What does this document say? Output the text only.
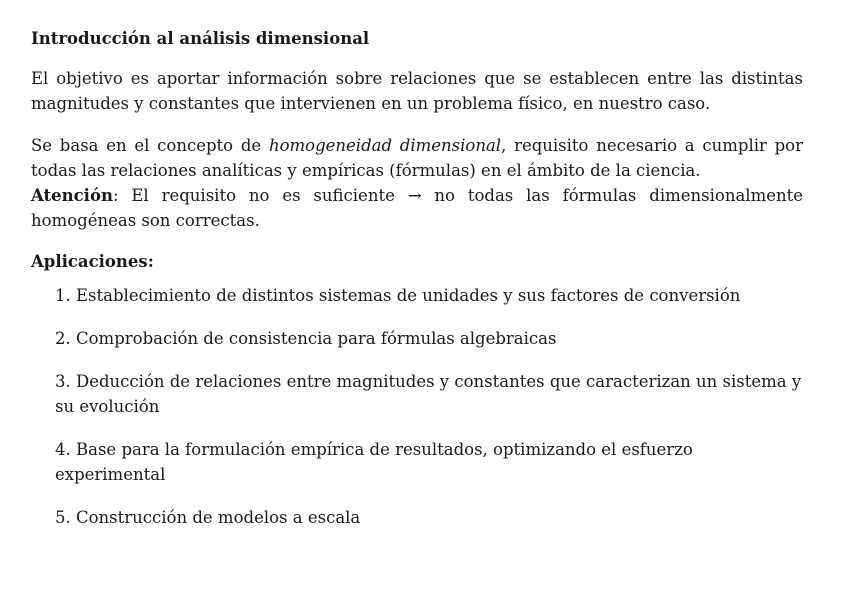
Introducción al análisis dimensional

El objetivo es aportar información sobre relaciones que se establecen entre las distintas magnitudes y constantes que intervienen en un problema físico, en nuestro caso.

Se basa en el concepto de homogeneidad dimensional, requisito necesario a cumplir por todas las relaciones analíticas y empíricas (fórmulas) en el ámbito de la ciencia.

Atención: El requisito no es suficiente → no todas las fórmulas dimensionalmente homogéneas son correctas.

Aplicaciones:
1. Establecimiento de distintos sistemas de unidades y sus factores de conversión
2. Comprobación de consistencia para fórmulas algebraicas
3. Deducción de relaciones entre magnitudes y constantes que caracterizan un sistema y su evolución
4. Base para la formulación empírica de resultados, optimizando el esfuerzo experimental
5. Construcción de modelos a escala
